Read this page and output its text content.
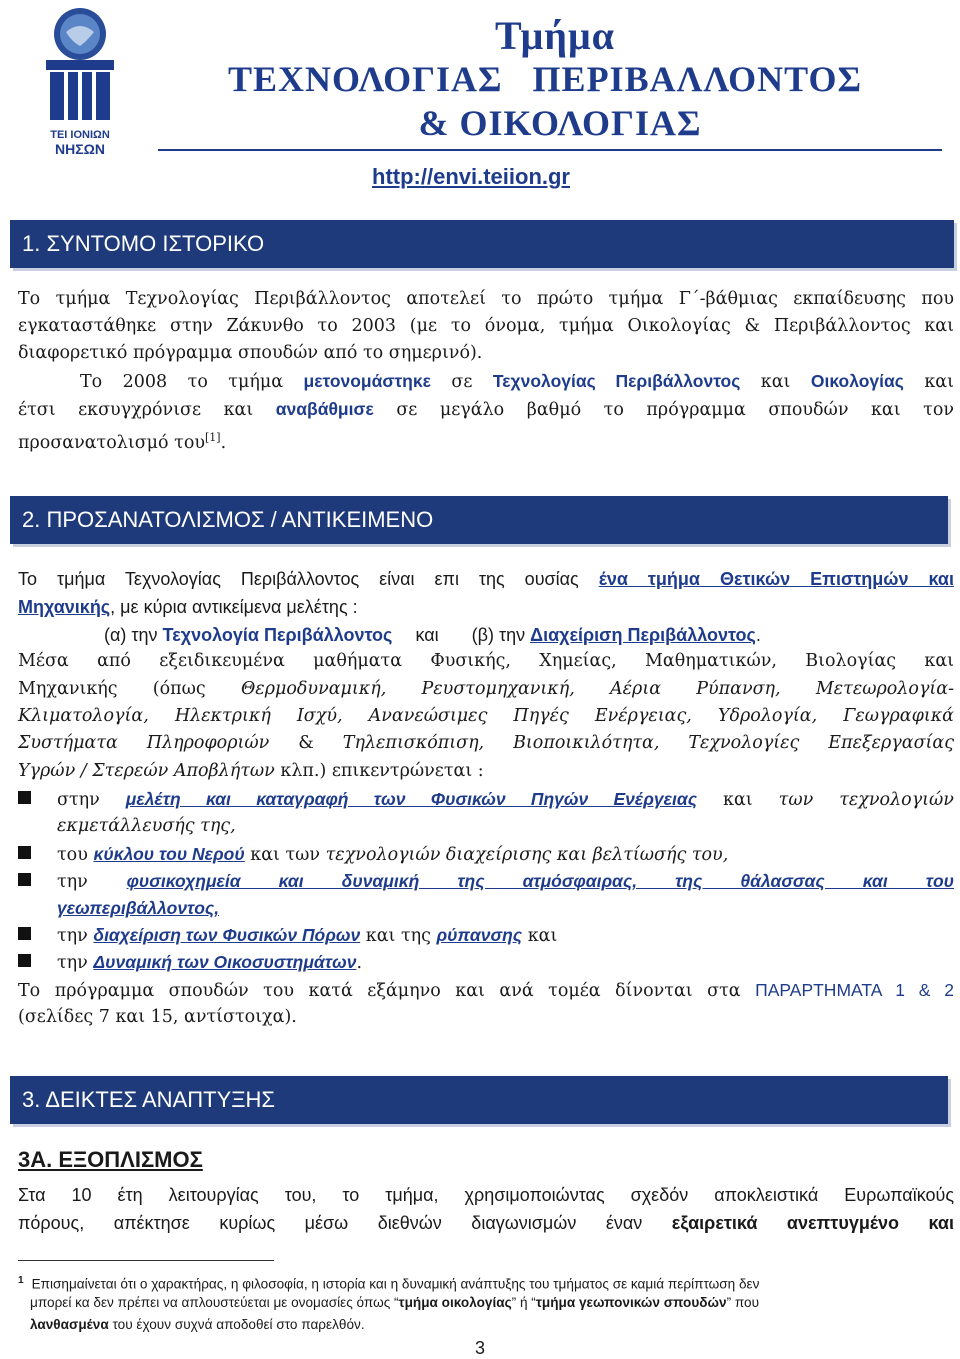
ΤΕΙ ΙΟΝΙΩΝ
ΝΗΣΩΝ
Τμήμα
ΤΕΧΝΟΛΟΓΙΑΣ   ΠΕΡΙΒΑΛΛΟΝΤΟΣ
& ΟΙΚΟΛΟΓΙΑΣ
http://envi.teiion.gr
1. ΣΥΝΤΟΜΟ ΙΣΤΟΡΙΚΟ
Το τμήμα Τεχνολογίας Περιβάλλοντος αποτελεί το πρώτο τμήμα Γ΄-βάθμιας εκπαίδευσης που
εγκαταστάθηκε στην Ζάκυνθο το 2003 (με το όνομα, τμήμα Οικολογίας & Περιβάλλοντος και
διαφορετικό πρόγραμμα σπουδών από το σημερινό).
Το 2008 το τμήμα μετονομάστηκε σε Τεχνολογίας Περιβάλλοντος και Οικολογίας και
έτσι εκσυγχρόνισε και αναβάθμισε σε μεγάλο βαθμό το πρόγραμμα σπουδών και τον
προσανατολισμό του[1].
2. ΠΡΟΣΑΝΑΤΟΛΙΣΜΟΣ / ΑΝΤΙΚΕΙΜΕΝΟ
Το τμήμα Τεχνολογίας Περιβάλλοντος είναι επι της ουσίας ένα τμήμα Θετικών Επιστημών και
Μηχανικής, με κύρια αντικείμενα μελέτης :
(α) την Τεχνολογία Περιβάλλοντος και (β) την Διαχείριση Περιβάλλοντος.
Μέσα από εξειδικευμένα μαθήματα Φυσικής, Χημείας, Μαθηματικών, Βιολογίας και
Μηχανικής (όπως Θερμοδυναμική, Ρευστομηχανική, Αέρια Ρύπανση, Μετεωρολογία-
Κλιματολογία, Ηλεκτρική Ισχύ, Ανανεώσιμες Πηγές Ενέργειας, Υδρολογία, Γεωγραφικά
Συστήματα Πληροφοριών & Τηλεπισκόπιση, Βιοποικιλότητα, Τεχνολογίες Επεξεργασίας
Υγρών / Στερεών Αποβλήτων κλπ.) επικεντρώνεται :
στην μελέτη και καταγραφή των Φυσικών Πηγών Ενέργειας και των τεχνολογιών
εκμετάλλευσής της,
του κύκλου του Νερού και των τεχνολογιών διαχείρισης και βελτίωσής του,
την φυσικοχημεία και δυναμική της ατμόσφαιρας, της θάλασσας και του
γεωπεριβάλλοντος,
την διαχείριση των Φυσικών Πόρων και της ρύπανσης και
την Δυναμική των Οικοσυστημάτων.
Το πρόγραμμα σπουδών του κατά εξάμηνο και ανά τομέα δίνονται στα ΠΑΡΑΡΤΗΜΑΤΑ 1 & 2
(σελίδες 7 και 15, αντίστοιχα).
3. ΔΕΙΚΤΕΣ ΑΝΑΠΤΥΞΗΣ
3Α. ΕΞΟΠΛΙΣΜΟΣ
Στα 10 έτη λειτουργίας του, το τμήμα, χρησιμοποιώντας σχεδόν αποκλειστικά Ευρωπαϊκούς
πόρους, απέκτησε κυρίως μέσω διεθνών διαγωνισμών έναν εξαιρετικά ανεπτυγμένο και
$^1$ Επισημαίνεται ότι ο χαρακτήρας, η φιλοσοφία, η ιστορία και η δυναμική ανάπτυξης του τμήματος σε καμιά περίπτωση δεν
μπορεί κα δεν πρέπει να απλουστεύεται με ονομασίες όπως “τμήμα οικολογίας” ή “τμήμα γεωπονικών σπουδών” που
λανθασμένα του έχουν συχνά αποδοθεί στο παρελθόν.
3
